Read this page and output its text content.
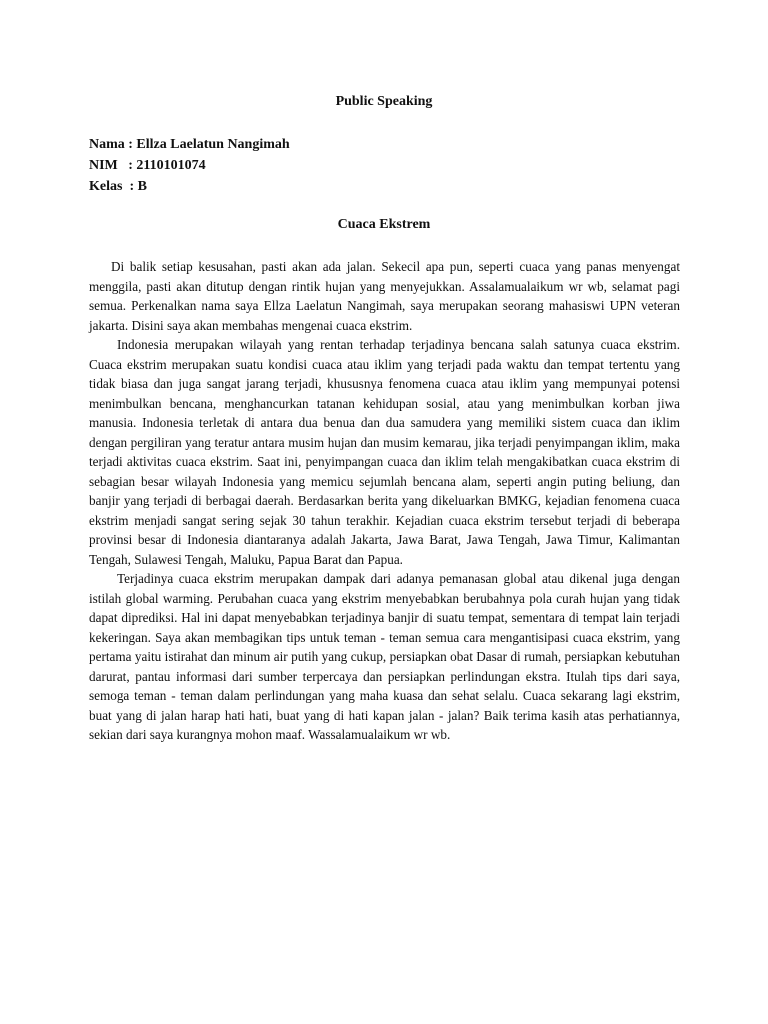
Public Speaking
Nama : Ellza Laelatun Nangimah
NIM   : 2110101074
Kelas  : B
Cuaca Ekstrem

Di balik setiap kesusahan, pasti akan ada jalan. Sekecil apa pun, seperti cuaca yang panas menyengat menggila, pasti akan ditutup dengan rintik hujan yang menyejukkan. Assalamualaikum wr wb, selamat pagi semua. Perkenalkan nama saya Ellza Laelatun Nangimah, saya merupakan seorang mahasiswi UPN veteran jakarta. Disini saya akan membahas mengenai cuaca ekstrim.

Indonesia merupakan wilayah yang rentan terhadap terjadinya bencana salah satunya cuaca ekstrim. Cuaca ekstrim merupakan suatu kondisi cuaca atau iklim yang terjadi pada waktu dan tempat tertentu yang tidak biasa dan juga sangat jarang terjadi, khususnya fenomena cuaca atau iklim yang mempunyai potensi menimbulkan bencana, menghancurkan tatanan kehidupan sosial, atau yang menimbulkan korban jiwa manusia. Indonesia terletak di antara dua benua dan dua samudera yang memiliki sistem cuaca dan iklim dengan pergiliran yang teratur antara musim hujan dan musim kemarau, jika terjadi penyimpangan iklim, maka terjadi aktivitas cuaca ekstrim. Saat ini, penyimpangan cuaca dan iklim telah mengakibatkan cuaca ekstrim di sebagian besar wilayah Indonesia yang memicu sejumlah bencana alam, seperti angin puting beliung, dan banjir yang terjadi di berbagai daerah. Berdasarkan berita yang dikeluarkan BMKG, kejadian fenomena cuaca ekstrim menjadi sangat sering sejak 30 tahun terakhir. Kejadian cuaca ekstrim tersebut terjadi di beberapa provinsi besar di Indonesia diantaranya adalah Jakarta, Jawa Barat, Jawa Tengah, Jawa Timur, Kalimantan Tengah, Sulawesi Tengah, Maluku, Papua Barat dan Papua.

Terjadinya cuaca ekstrim merupakan dampak dari adanya pemanasan global atau dikenal juga dengan istilah global warming. Perubahan cuaca yang ekstrim menyebabkan berubahnya pola curah hujan yang tidak dapat diprediksi. Hal ini dapat menyebabkan terjadinya banjir di suatu tempat, sementara di tempat lain terjadi kekeringan. Saya akan membagikan tips untuk teman - teman semua cara mengantisipasi cuaca ekstrim, yang pertama yaitu istirahat dan minum air putih yang cukup, persiapkan obat Dasar di rumah, persiapkan kebutuhan darurat, pantau informasi dari sumber terpercaya dan persiapkan perlindungan ekstra. Itulah tips dari saya, semoga teman - teman dalam perlindungan yang maha kuasa dan sehat selalu. Cuaca sekarang lagi ekstrim, buat yang di jalan harap hati hati, buat yang di hati kapan jalan - jalan? Baik terima kasih atas perhatiannya, sekian dari saya kurangnya mohon maaf. Wassalamualaikum wr wb.
